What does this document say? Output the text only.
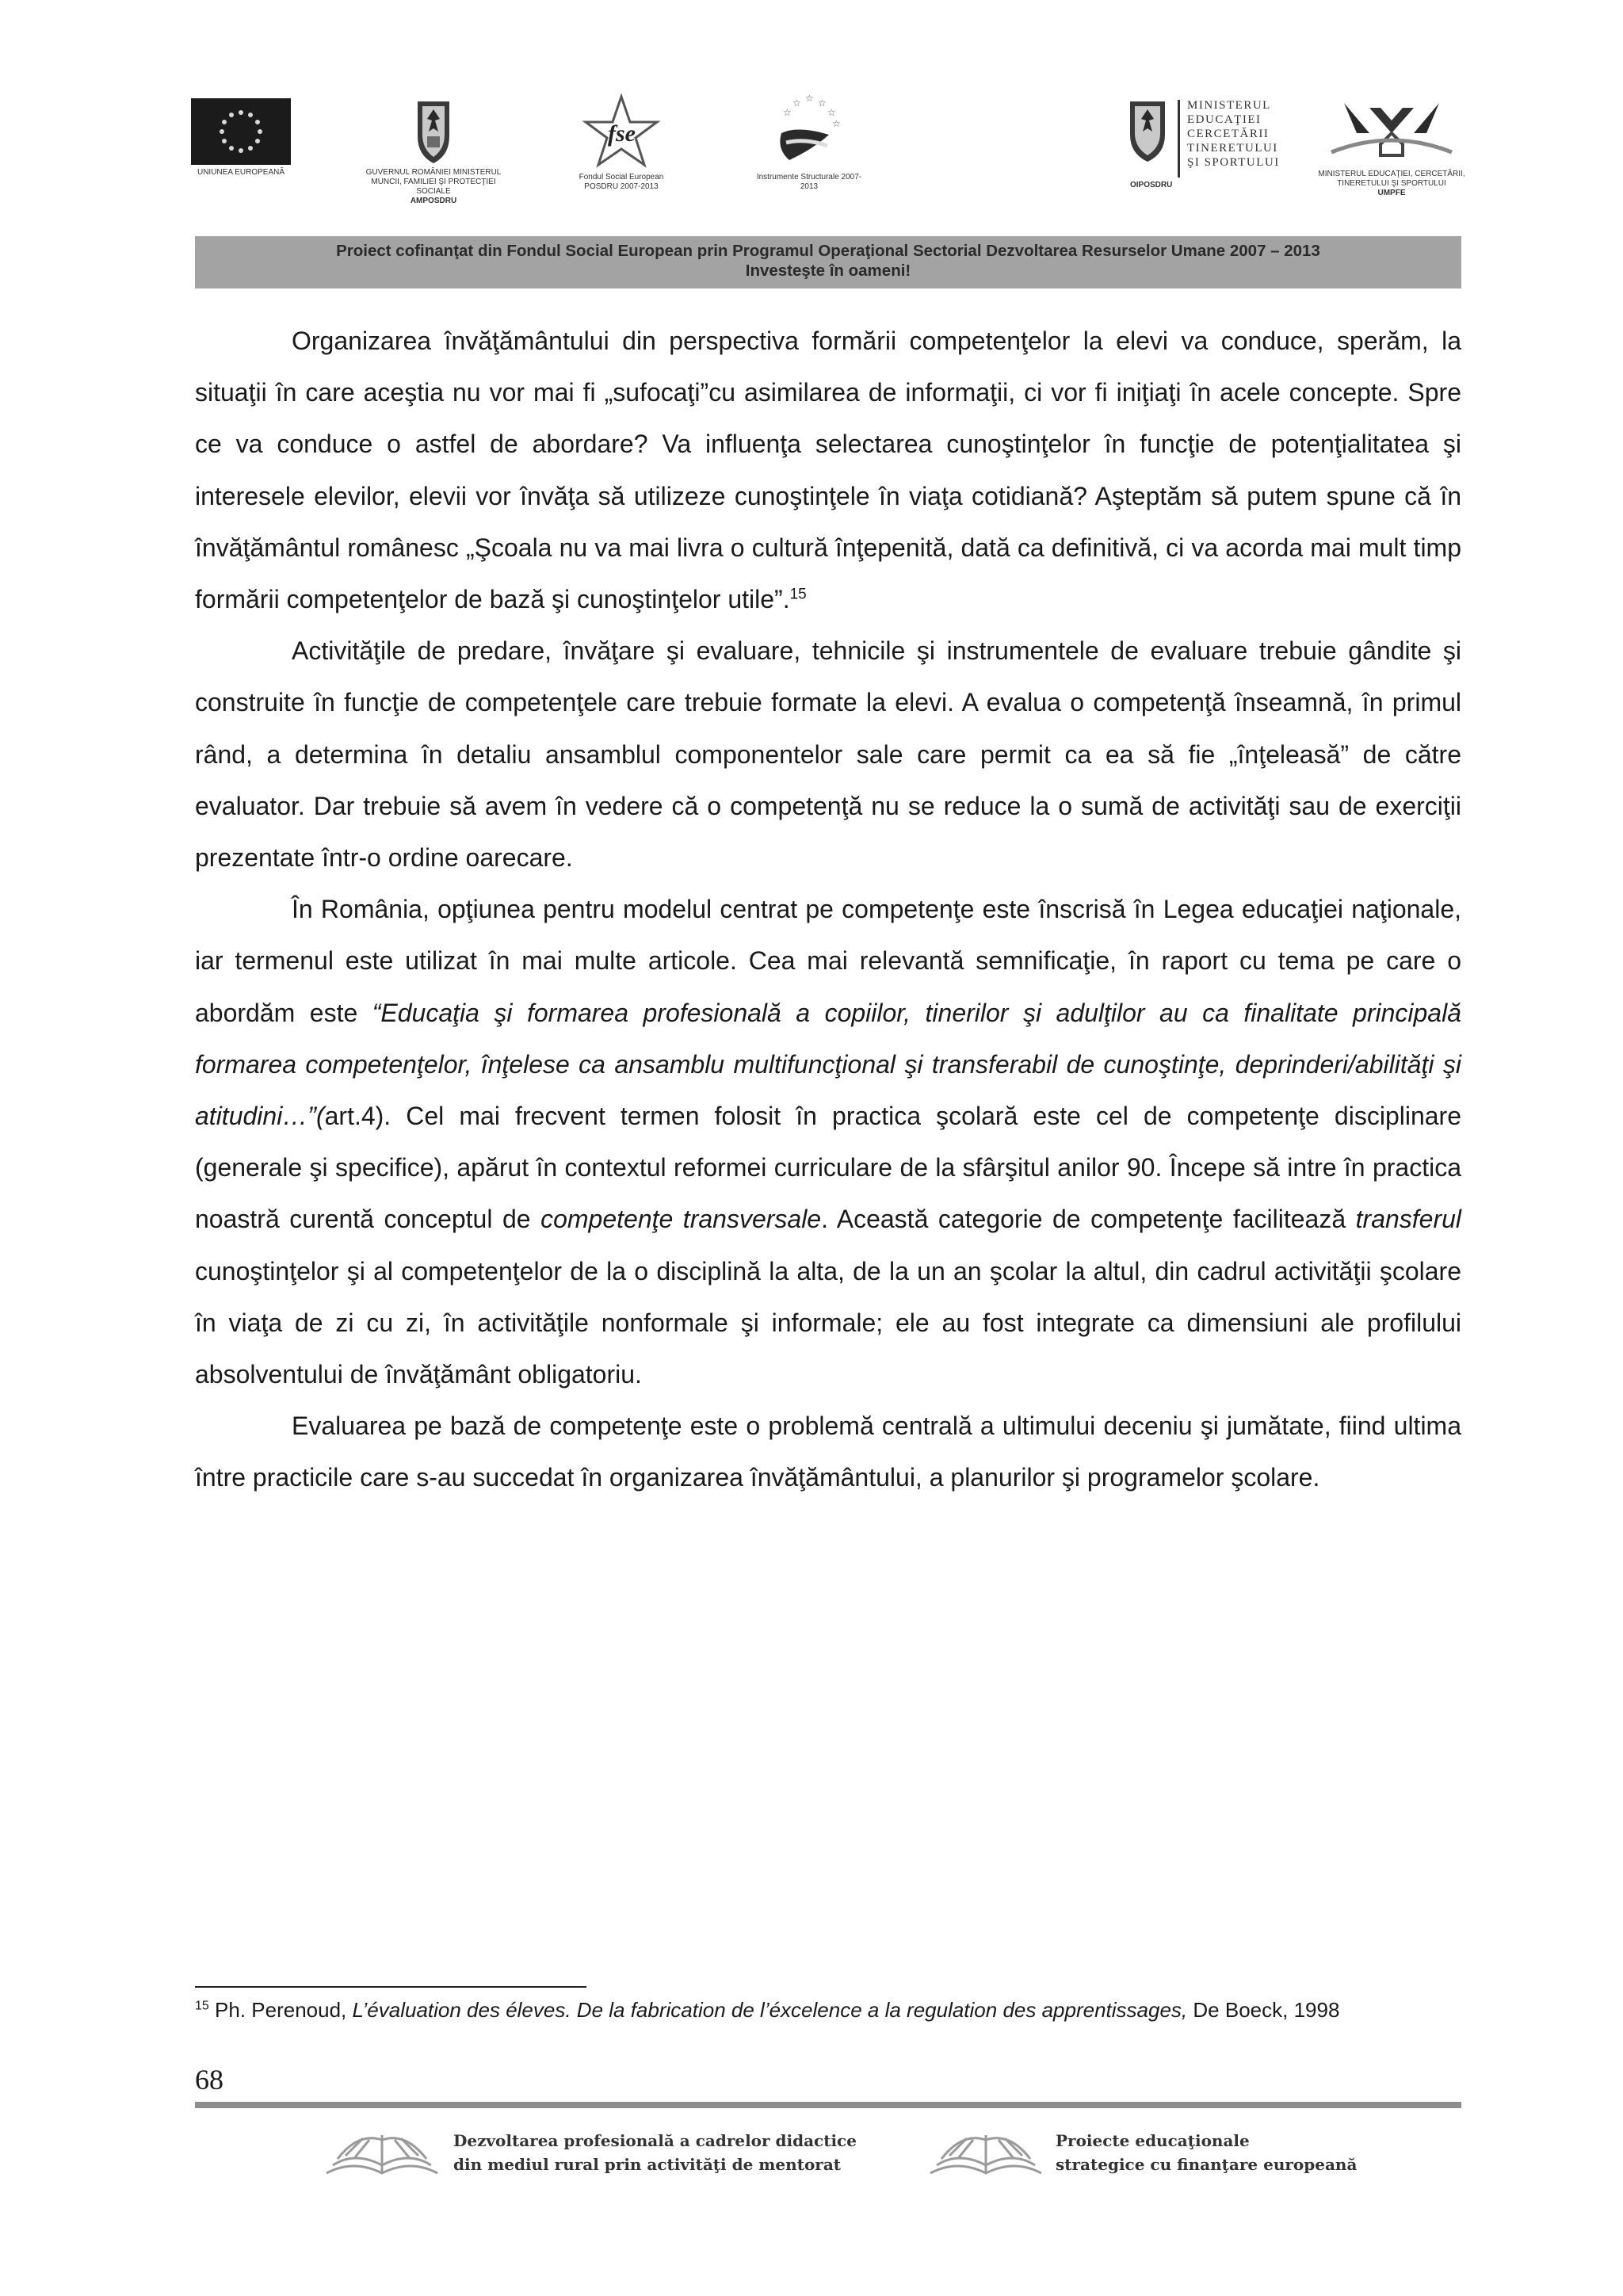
UNIUNEA EUROPEANĂ	GUVERNUL ROMÂNIEI MINISTERUL MUNCII, FAMILIEI ŞI PROTECŢIEI SOCIALE
AMPOSDRU
fse
Fondul Social European POSDRU 2007-2013
☆ ☆ ☆
☆
☆
☆
Instrumente Structurale 2007-2013
MINISTERUL
EDUCAŢIEI
CERCETĂRII
TINERETULUI
ŞI SPORTULUI
OIPOSDRU
MINISTERUL EDUCAŢIEI, CERCETĂRII, TINERETULUI ŞI SPORTULUI
UMPFE
Proiect cofinanţat din Fondul Social European prin Programul Operaţional Sectorial Dezvoltarea Resurselor Umane 2007 – 2013
Investeşte în oameni!

Organizarea învăţământului din perspectiva formării competenţelor la elevi va conduce, sperăm, la situaţii în care aceştia nu vor mai fi „sufocaţi”cu asimilarea de informaţii, ci vor fi iniţiaţi în acele concepte. Spre ce va conduce o astfel de abordare? Va influenţa selectarea cunoştinţelor în funcţie de potenţialitatea şi interesele elevilor, elevii vor învăţa să utilizeze cunoştinţele în viaţa cotidiană? Aşteptăm să putem spune că în învăţământul românesc „Şcoala nu va mai livra o cultură înţepenită, dată ca definitivă, ci va acorda mai mult timp formării competenţelor de bază şi cunoştinţelor utile”.$^{15}$

Activităţile de predare, învăţare şi evaluare, tehnicile şi instrumentele de evaluare trebuie gândite şi construite în funcţie de competenţele care trebuie formate la elevi. A evalua o competenţă înseamnă, în primul rând, a determina în detaliu ansamblul componentelor sale care permit ca ea să fie „înţeleasă” de către evaluator. Dar trebuie să avem în vedere că o competenţă nu se reduce la o sumă de activităţi sau de exerciţii prezentate într-o ordine oarecare.

În România, opţiunea pentru modelul centrat pe competenţe este înscrisă în Legea educaţiei naţionale, iar termenul este utilizat în mai multe articole. Cea mai relevantă semnificaţie, în raport cu tema pe care o abordăm este “Educaţia şi formarea profesională a copiilor, tinerilor şi adulţilor au ca finalitate principală formarea competenţelor, înţelese ca ansamblu multifuncţional şi transferabil de cunoştinţe, deprinderi/abilităţi şi atitudini…”(art.4). Cel mai frecvent termen folosit în practica şcolară este cel de competenţe disciplinare (generale şi specifice), apărut în contextul reformei curriculare de la sfârşitul anilor 90. Începe să intre în practica noastră curentă conceptul de competenţe transversale. Această categorie de competenţe facilitează transferul cunoştinţelor şi al competenţelor de la o disciplină la alta, de la un an şcolar la altul, din cadrul activităţii şcolare în viaţa de zi cu zi, în activităţile nonformale şi informale; ele au fost integrate ca dimensiuni ale profilului absolventului de învăţământ obligatoriu.

Evaluarea pe bază de competenţe este o problemă centrală a ultimului deceniu şi jumătate, fiind ultima între practicile care s-au succedat în organizarea învăţământului, a planurilor şi programelor şcolare.

$^{15}$ Ph. Perenoud, L’évaluation des éleves. De la fabrication de l’éxcelence a la regulation des apprentissages, De Boeck, 1998
68
Dezvoltarea profesională a cadrelor didactice
din mediul rural prin activităţi de mentorat
Proiecte educaţionale
strategice cu finanţare europeană
